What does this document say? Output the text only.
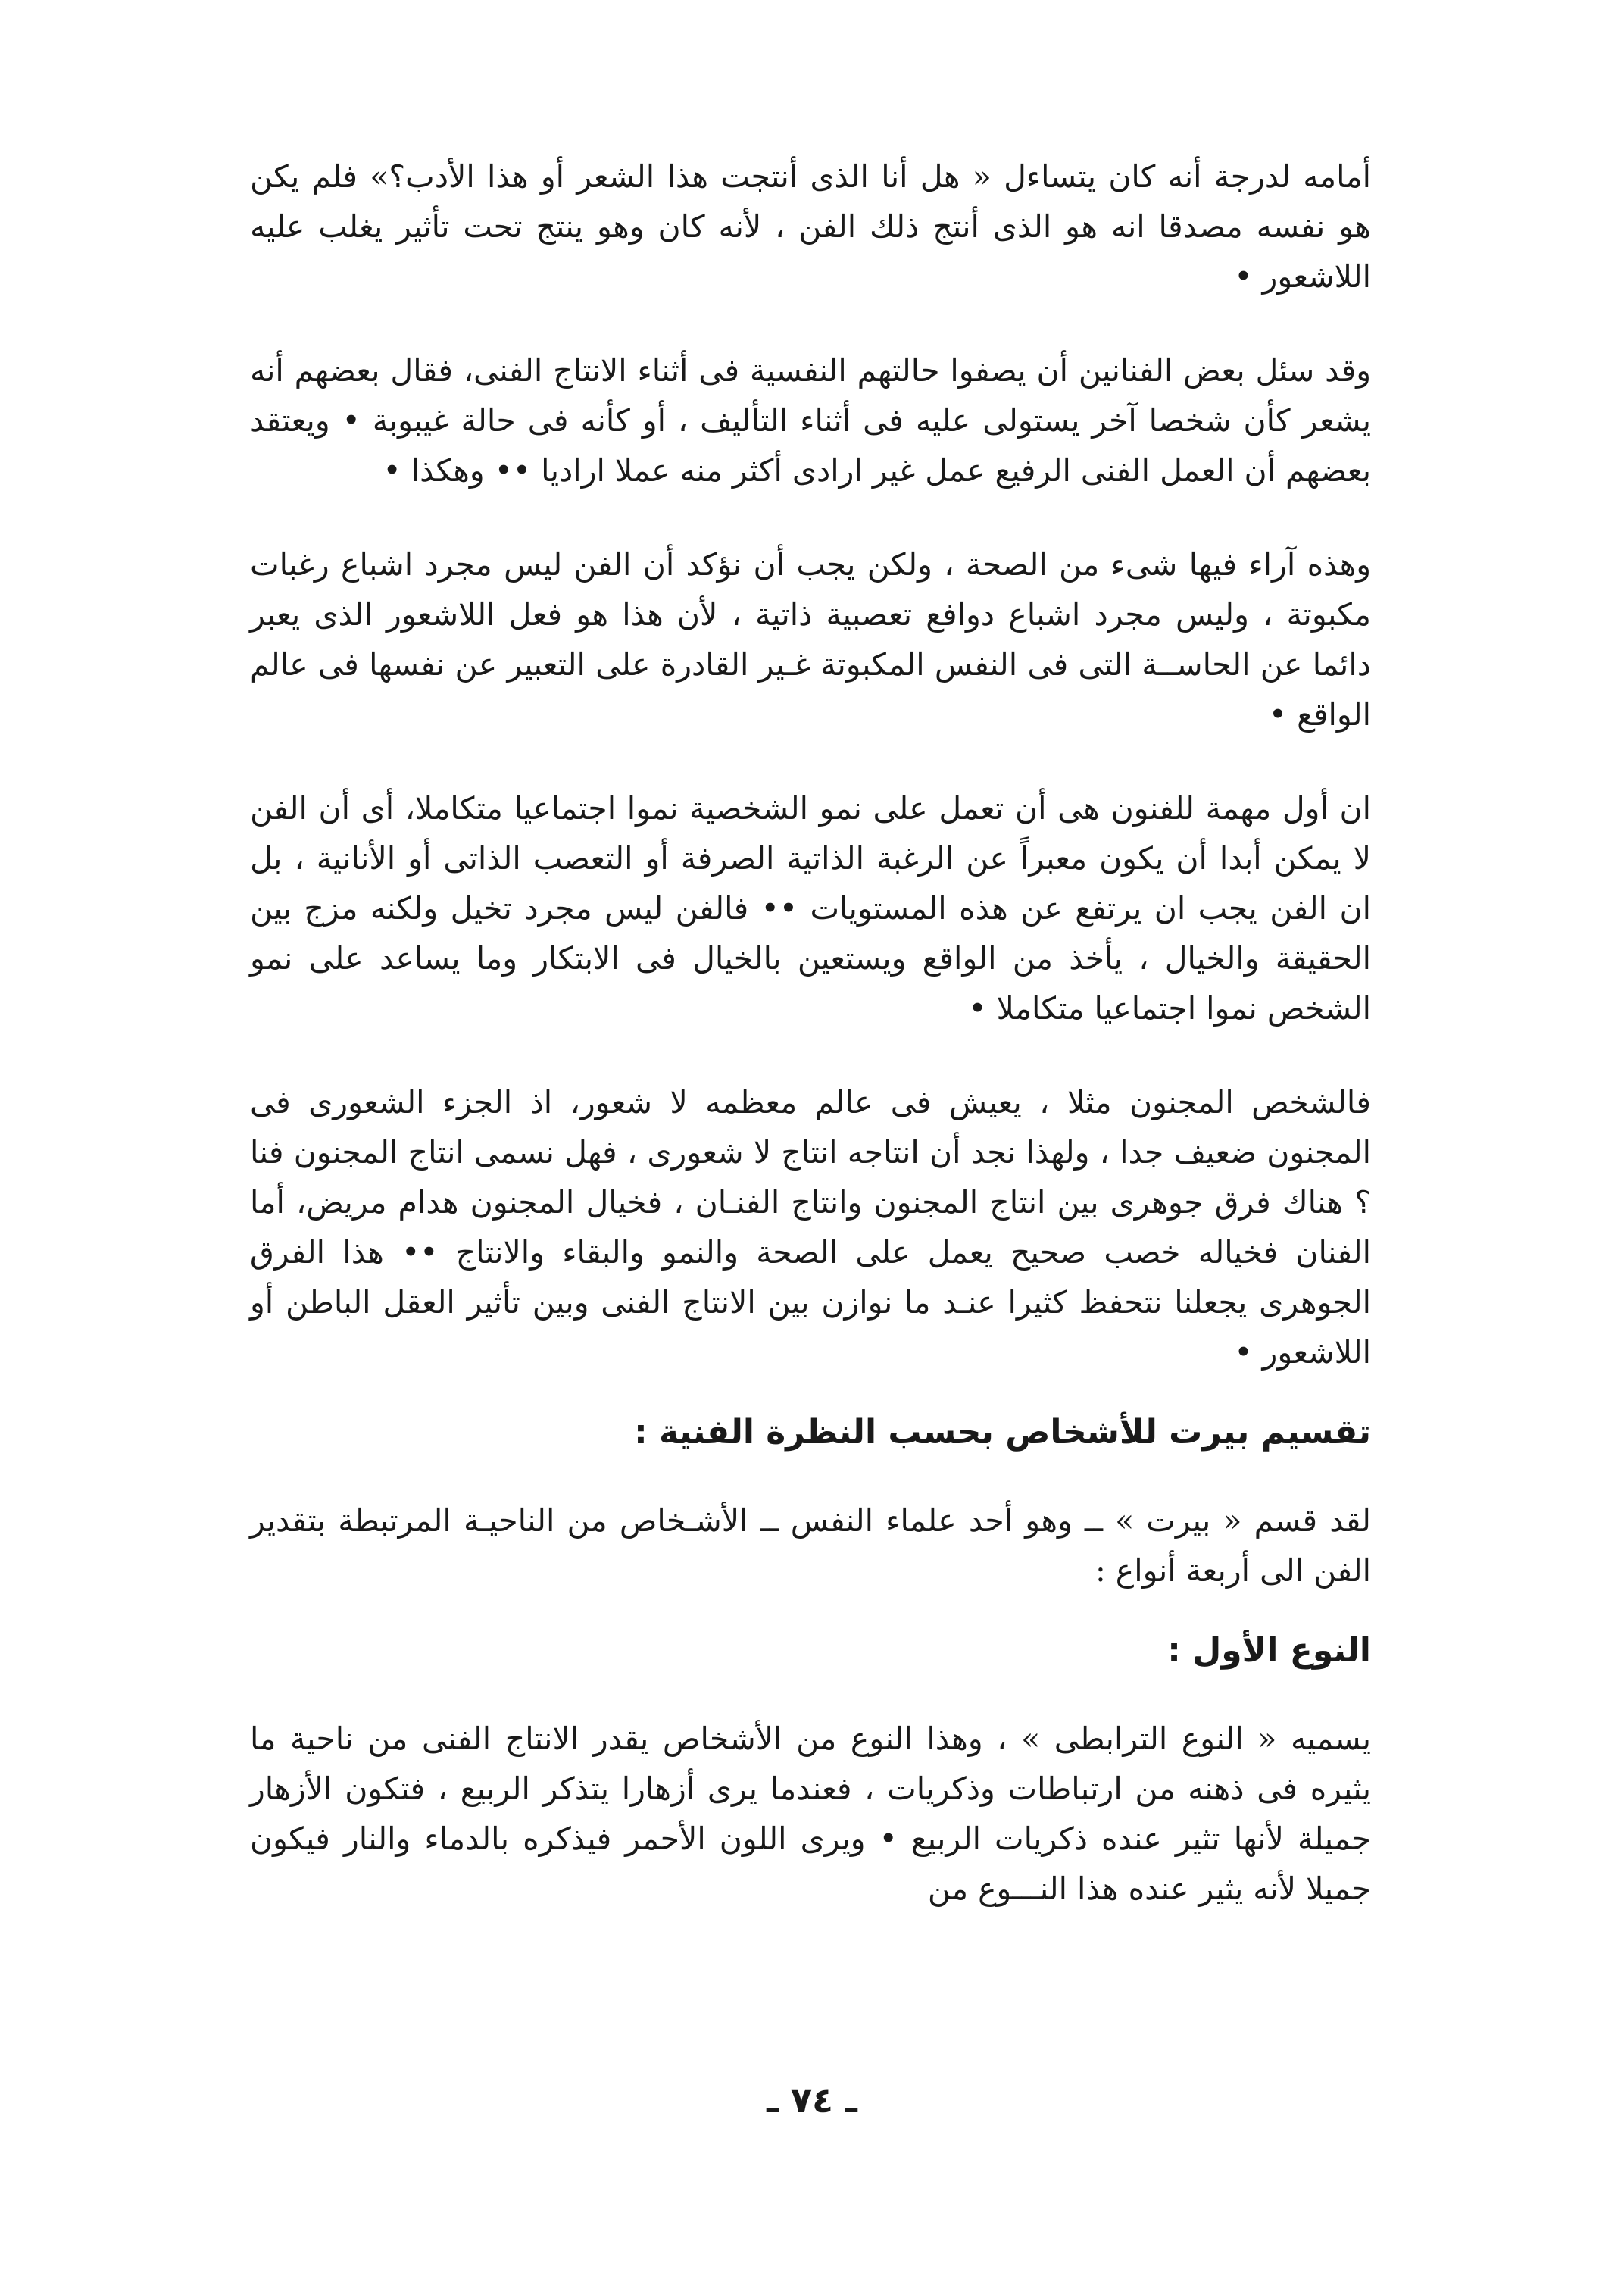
أمامه لدرجة أنه كان يتساءل « هل أنا الذى أنتجت هذا الشعر أو هذا الأدب؟» فلم يكن هو نفسه مصدقا انه هو الذى أنتج ذلك الفن ، لأنه كان وهو ينتج تحت تأثير يغلب عليه اللاشعور •

وقد سئل بعض الفنانين أن يصفوا حالتهم النفسية فى أثناء الانتاج الفنى، فقال بعضهم أنه يشعر كأن شخصا آخر يستولى عليه فى أثناء التأليف ، أو كأنه فى حالة غيبوبة • ويعتقد بعضهم أن العمل الفنى الرفيع عمل غير ارادى أكثر منه عملا اراديا •• وهكذا •

وهذه آراء فيها شىء من الصحة ، ولكن يجب أن نؤكد أن الفن ليس مجرد اشباع رغبات مكبوتة ، وليس مجرد اشباع دوافع تعصبية ذاتية ، لأن هذا هو فعل اللاشعور الذى يعبر دائما عن الحاســة التى فى النفس المكبوتة غـير القادرة على التعبير عن نفسها فى عالم الواقع •

ان أول مهمة للفنون هى أن تعمل على نمو الشخصية نموا اجتماعيا متكاملا، أى أن الفن لا يمكن أبدا أن يكون معبراً عن الرغبة الذاتية الصرفة أو التعصب الذاتى أو الأنانية ، بل ان الفن يجب ان يرتفع عن هذه المستويات •• فالفن ليس مجرد تخيل ولكنه مزج بين الحقيقة والخيال ، يأخذ من الواقع ويستعين بالخيال فى الابتكار وما يساعد على نمو الشخص نموا اجتماعيا متكاملا •

فالشخص المجنون مثلا ، يعيش فى عالم معظمه لا شعور، اذ الجزء الشعورى فى المجنون ضعيف جدا ، ولهذا نجد أن انتاجه انتاج لا شعورى ، فهل نسمى انتاج المجنون فنا ؟ هناك فرق جوهرى بين انتاج المجنون وانتاج الفنـان ، فخيال المجنون هدام مريض، أما الفنان فخياله خصب صحيح يعمل على الصحة والنمو والبقاء والانتاج •• هذا الفرق الجوهرى يجعلنا نتحفظ كثيرا عنـد ما نوازن بين الانتاج الفنى وبين تأثير العقل الباطن أو اللاشعور •

تقسيم بيرت للأشخاص بحسب النظرة الفنية :

لقد قسم « بيرت » ــ وهو أحد علماء النفس ــ الأشـخاص من الناحيـة المرتبطة بتقدير الفن الى أربعة أنواع :

النوع الأول :

يسميه « النوع الترابطى » ، وهذا النوع من الأشخاص يقدر الانتاج الفنى من ناحية ما يثيره فى ذهنه من ارتباطات وذكريات ، فعندما يرى أزهارا يتذكر الربيع ، فتكون الأزهار جميلة لأنها تثير عنده ذكريات الربيع • ويرى اللون الأحمر فيذكره بالدماء والنار فيكون جميلا لأنه يثير عنده هذا النـــوع من

ـ ٧٤ ـ
